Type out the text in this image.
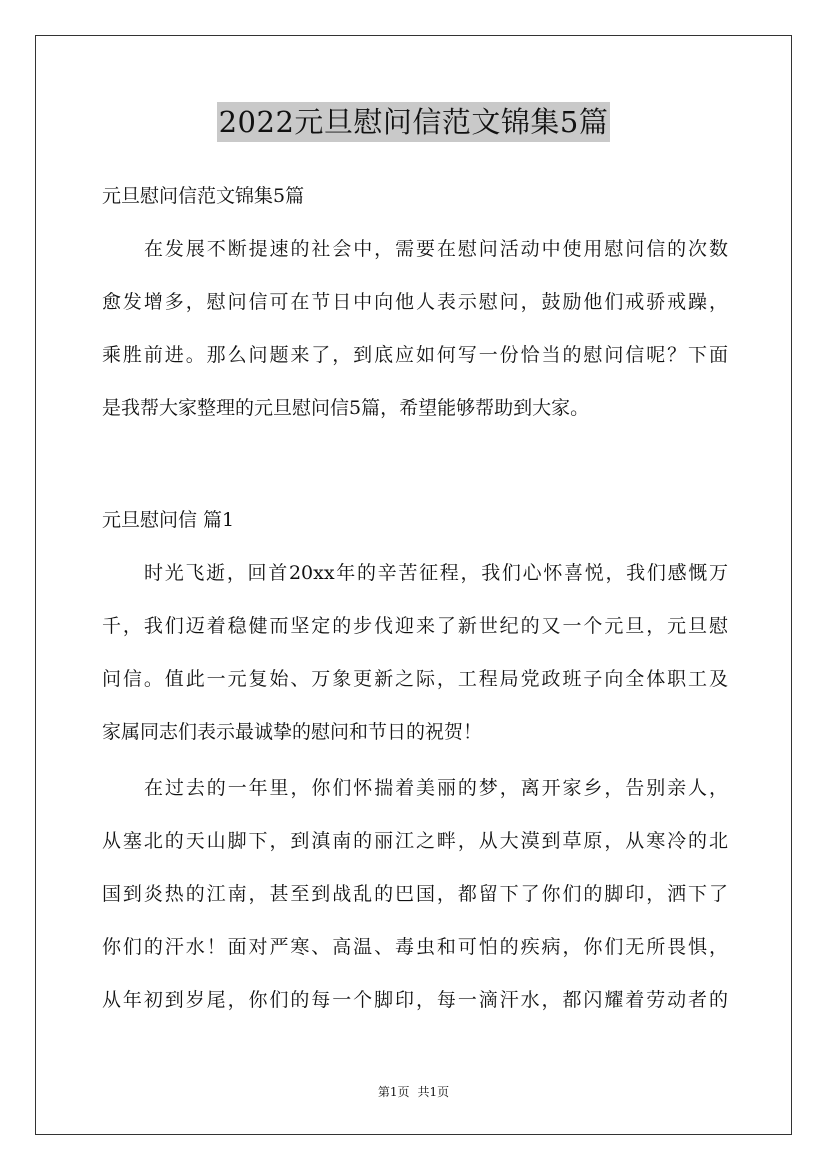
2022元旦慰问信范文锦集5篇
元旦慰问信范文锦集5篇
在发展不断提速的社会中，需要在慰问活动中使用慰问信的次数
愈发增多，慰问信可在节日中向他人表示慰问，鼓励他们戒骄戒躁，
乘胜前进。那么问题来了，到底应如何写一份恰当的慰问信呢？下面
是我帮大家整理的元旦慰问信5篇，希望能够帮助到大家。
元旦慰问信 篇1
时光飞逝，回首20xx年的辛苦征程，我们心怀喜悦，我们感慨万
千，我们迈着稳健而坚定的步伐迎来了新世纪的又一个元旦，元旦慰
问信。值此一元复始、万象更新之际，工程局党政班子向全体职工及
家属同志们表示最诚挚的慰问和节日的祝贺！
在过去的一年里，你们怀揣着美丽的梦，离开家乡，告别亲人，
从塞北的天山脚下，到滇南的丽江之畔，从大漠到草原，从寒冷的北
国到炎热的江南，甚至到战乱的巴国，都留下了你们的脚印，洒下了
你们的汗水！面对严寒、高温、毒虫和可怕的疾病，你们无所畏惧，
从年初到岁尾，你们的每一个脚印，每一滴汗水，都闪耀着劳动者的
第1页 共1页
